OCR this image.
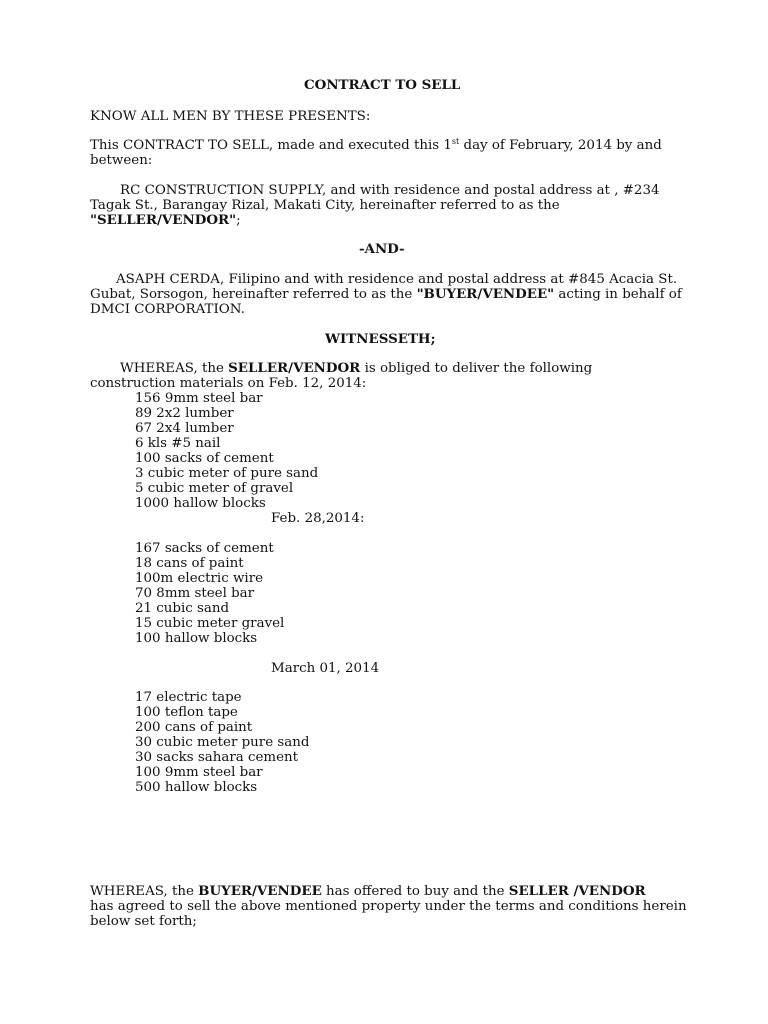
CONTRACT TO SELL
KNOW ALL MEN BY THESE PRESENTS:
This CONTRACT TO SELL, made and executed this 1st day of February, 2014 by and
between:
RC CONSTRUCTION SUPPLY, and with residence and postal address at , #234
Tagak St., Barangay Rizal, Makati City, hereinafter referred to as the
"SELLER/VENDOR";
-AND-
ASAPH CERDA, Filipino and with residence and postal address at #845 Acacia St.
Gubat, Sorsogon, hereinafter referred to as the "BUYER/VENDEE" acting in behalf of
DMCI CORPORATION.
WITNESSETH;
WHEREAS, the SELLER/VENDOR is obliged to deliver the following
construction materials on Feb. 12, 2014:
156 9mm steel bar
89 2x2 lumber
67 2x4 lumber
6 kls #5 nail
100 sacks of cement
3 cubic meter of pure sand
5 cubic meter of gravel
1000 hallow blocks
Feb. 28,2014:
167 sacks of cement
18 cans of paint
100m electric wire
70 8mm steel bar
21 cubic sand
15 cubic meter gravel
100 hallow blocks
March 01, 2014
17 electric tape
100 teflon tape
200 cans of paint
30 cubic meter pure sand
30 sacks sahara cement
100 9mm steel bar
500 hallow blocks
WHEREAS, the BUYER/VENDEE has offered to buy and the SELLER /VENDOR
has agreed to sell the above mentioned property under the terms and conditions herein
below set forth;
